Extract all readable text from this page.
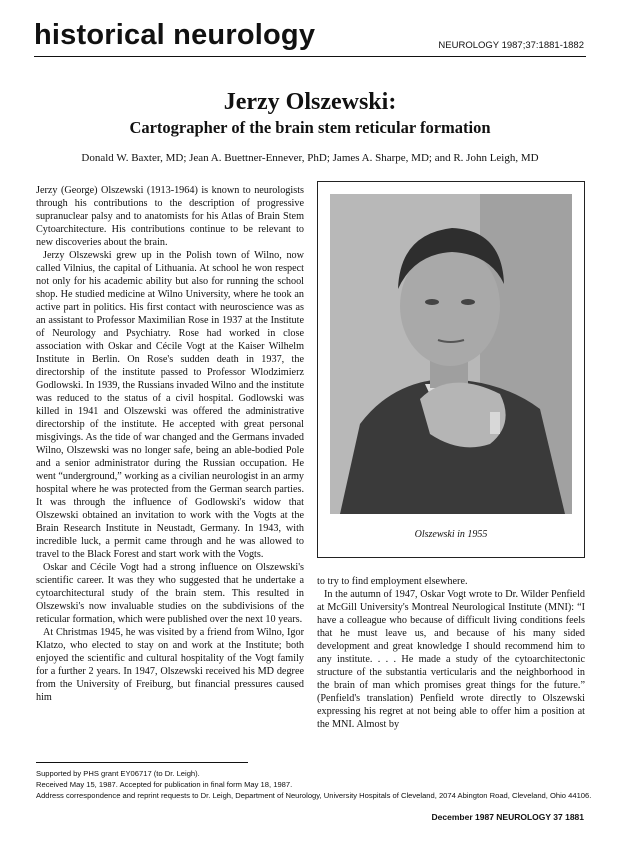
historical neurology	NEUROLOGY 1987;37:1881-1882
Jerzy Olszewski:
Cartographer of the brain stem reticular formation
Donald W. Baxter, MD; Jean A. Buettner-Ennever, PhD; James A. Sharpe, MD; and R. John Leigh, MD

Jerzy (George) Olszewski (1913-1964) is known to neurologists through his contributions to the description of progressive supranuclear palsy and to anatomists for his Atlas of Brain Stem Cytoarchitecture. His contributions continue to be relevant to new discoveries about the brain.

Jerzy Olszewski grew up in the Polish town of Wilno, now called Vilnius, the capital of Lithuania. At school he won respect not only for his academic ability but also for running the school shop. He studied medicine at Wilno University, where he took an active part in politics. His first contact with neuroscience was as an assistant to Professor Maximilian Rose in 1937 at the Institute of Neurology and Psychiatry. Rose had worked in close association with Oskar and Cécile Vogt at the Kaiser Wilhelm Institute in Berlin. On Rose's sudden death in 1937, the directorship of the institute passed to Professor Wlodzimierz Godlowski. In 1939, the Russians invaded Wilno and the institute was reduced to the status of a civil hospital. Godlowski was killed in 1941 and Olszewski was offered the administrative directorship of the institute. He accepted with great personal misgivings. As the tide of war changed and the Germans invaded Wilno, Olszewski was no longer safe, being an able-bodied Pole and a senior administrator during the Russian occupation. He went “underground,” working as a civilian neurologist in an army hospital where he was protected from the German search parties. It was through the influence of Godlowski's widow that Olszewski obtained an invitation to work with the Vogts at the Brain Research Institute in Neustadt, Germany. In 1943, with incredible luck, a permit came through and he was allowed to travel to the Black Forest and start work with the Vogts.

Oskar and Cécile Vogt had a strong influence on Olszewski's scientific career. It was they who suggested that he undertake a cytoarchitectural study of the brain stem. This resulted in Olszewski's now invaluable studies on the subdivisions of the reticular formation, which were published over the next 10 years.

At Christmas 1945, he was visited by a friend from Wilno, Igor Klatzo, who elected to stay on and work at the Institute; both enjoyed the scientific and cultural hospitality of the Vogt family for a further 2 years. In 1947, Olszewski received his MD degree from the University of Freiburg, but financial pressures caused him

Olszewski in 1955

to try to find employment elsewhere.

In the autumn of 1947, Oskar Vogt wrote to Dr. Wilder Penfield at McGill University's Montreal Neurological Institute (MNI): “I have a colleague who because of difficult living conditions feels that he must leave us, and because of his many sided development and great knowledge I should recommend him to any institute. . . . He made a study of the cytoarchitectonic structure of the substantia verticularis and the neighborhood in the brain of man which promises great things for the future.” (Penfield's translation) Penfield wrote directly to Olszewski expressing his regret at not being able to offer him a position at the MNI. Almost by

Supported by PHS grant EY06717 (to Dr. Leigh).
Received May 15, 1987. Accepted for publication in final form May 18, 1987.
Address correspondence and reprint requests to Dr. Leigh, Department of Neurology, University Hospitals of Cleveland, 2074 Abington Road, Cleveland, Ohio 44106.
December 1987 NEUROLOGY 37 1881
